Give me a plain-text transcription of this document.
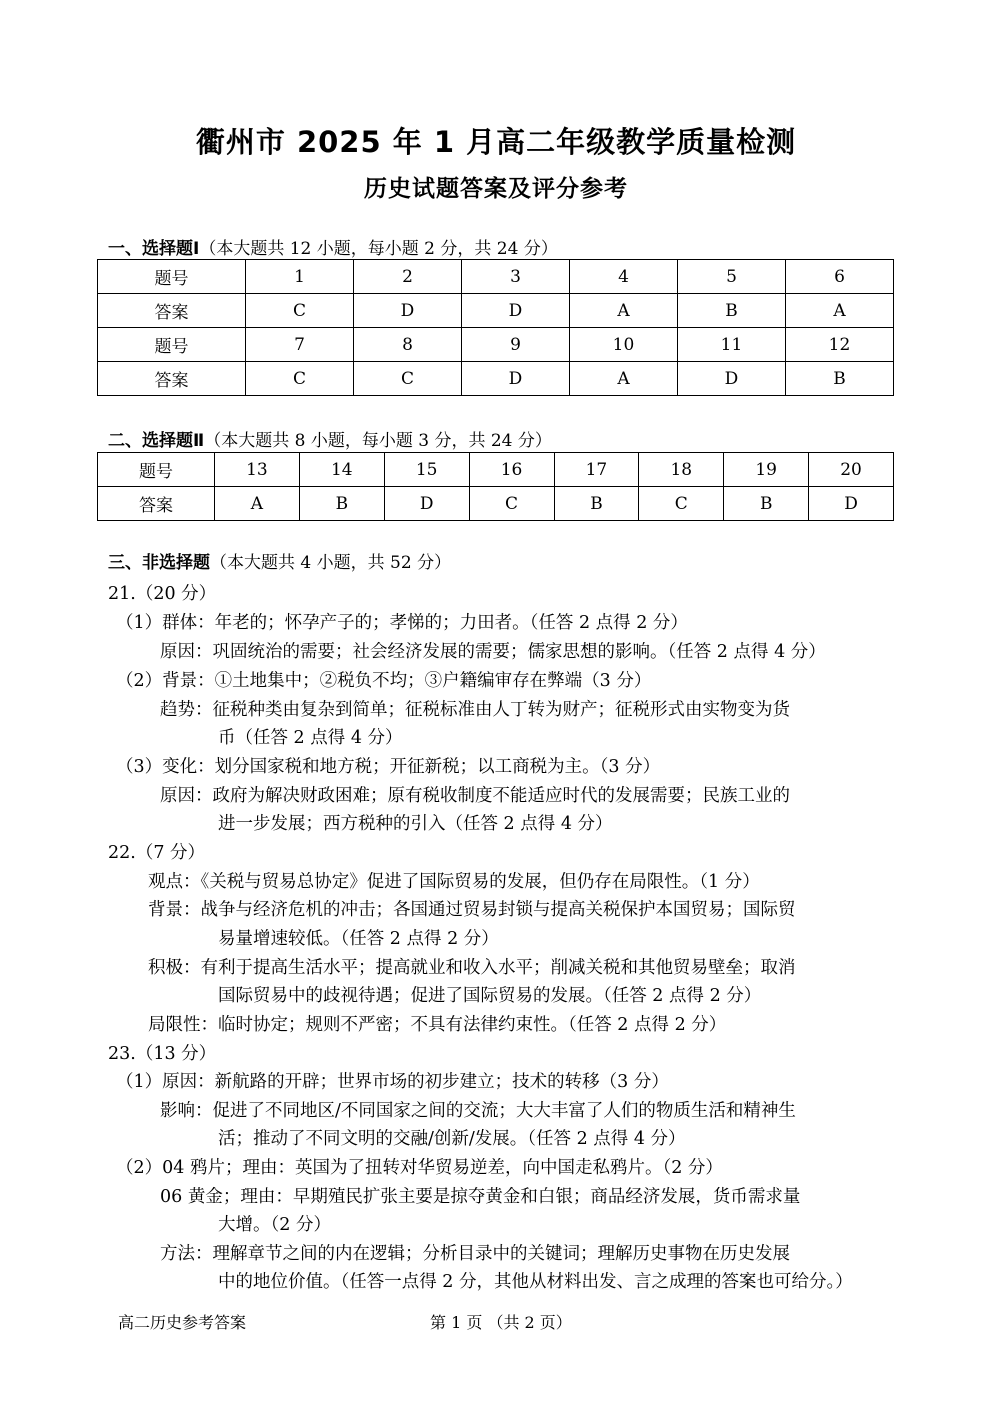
衢州市 2025 年 1 月高二年级教学质量检测
历史试题答案及评分参考
一、选择题Ⅰ（本大题共 12 小题，每小题 2 分，共 24 分）
题号	1	2	3	4	5	6
答案	C	D	D	A	B	A
题号	7	8	9	10	11	12
答案	C	C	D	A	D	B
二、选择题Ⅱ（本大题共 8 小题，每小题 3 分，共 24 分）
题号	13	14	15	16	17	18	19	20
答案	A	B	D	C	B	C	B	D
三、非选择题（本大题共 4 小题，共 52 分）
21.（20 分）
（1）群体：年老的；怀孕产子的；孝悌的；力田者。（任答 2 点得 2 分）
原因：巩固统治的需要；社会经济发展的需要；儒家思想的影响。（任答 2 点得 4 分）
（2）背景：①土地集中；②税负不均；③户籍编审存在弊端（3 分）
趋势：征税种类由复杂到简单；征税标准由人丁转为财产；征税形式由实物变为货
币（任答 2 点得 4 分）
（3）变化：划分国家税和地方税；开征新税；以工商税为主。（3 分）
原因：政府为解决财政困难；原有税收制度不能适应时代的发展需要；民族工业的
进一步发展；西方税种的引入（任答 2 点得 4 分）
22.（7 分）
观点：《关税与贸易总协定》促进了国际贸易的发展，但仍存在局限性。（1 分）
背景：战争与经济危机的冲击；各国通过贸易封锁与提高关税保护本国贸易；国际贸
易量增速较低。（任答 2 点得 2 分）
积极：有利于提高生活水平；提高就业和收入水平；削减关税和其他贸易壁垒；取消
国际贸易中的歧视待遇；促进了国际贸易的发展。（任答 2 点得 2 分）
局限性：临时协定；规则不严密；不具有法律约束性。（任答 2 点得 2 分）
23.（13 分）
（1）原因：新航路的开辟；世界市场的初步建立；技术的转移（3 分）
影响：促进了不同地区/不同国家之间的交流；大大丰富了人们的物质生活和精神生
活；推动了不同文明的交融/创新/发展。（任答 2 点得 4 分）
（2）04 鸦片；理由：英国为了扭转对华贸易逆差，向中国走私鸦片。（2 分）
06 黄金；理由：早期殖民扩张主要是掠夺黄金和白银；商品经济发展，货币需求量
大增。（2 分）
方法：理解章节之间的内在逻辑；分析目录中的关键词；理解历史事物在历史发展
中的地位价值。（任答一点得 2 分，其他从材料出发、言之成理的答案也可给分。）
高二历史参考答案	第 1 页 （共 2 页）
